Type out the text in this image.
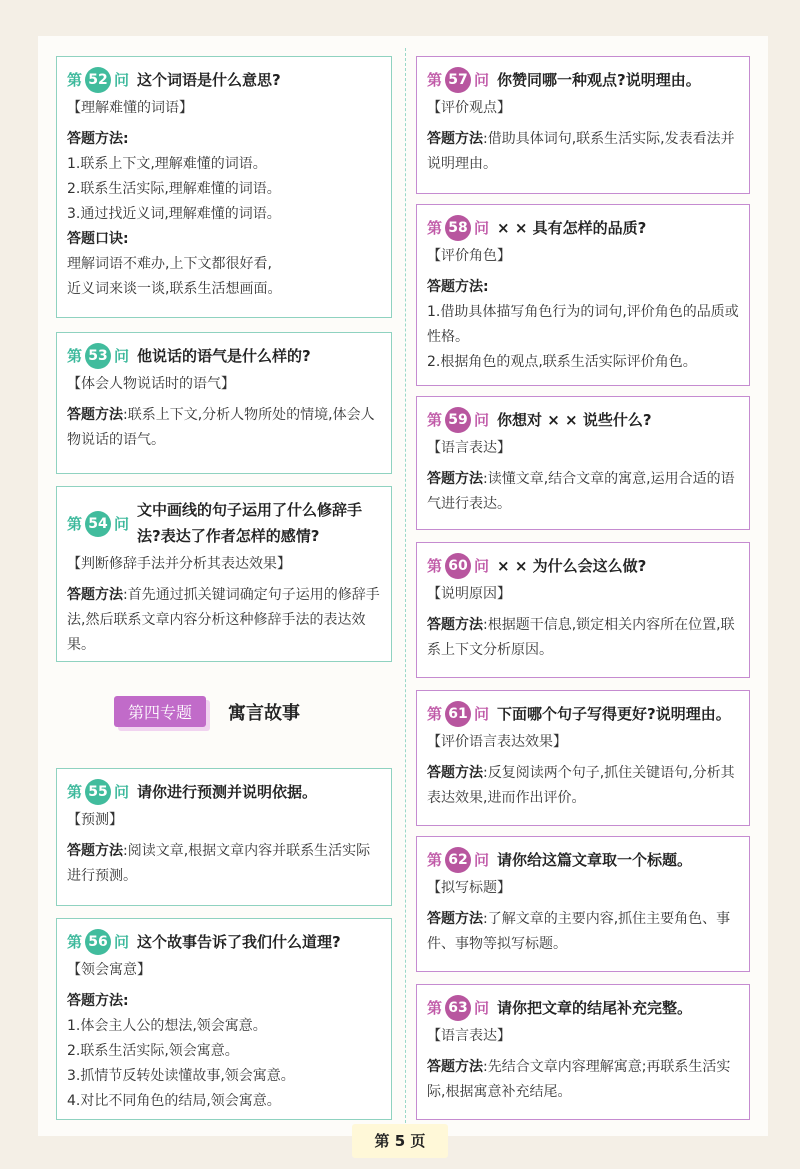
第 52 问 这个词语是什么意思?
【理解难懂的词语】
答题方法:
1.联系上下文,理解难懂的词语。
2.联系生活实际,理解难懂的词语。
3.通过找近义词,理解难懂的词语。
答题口诀:
理解词语不难办,上下文都很好看,
近义词来谈一谈,联系生活想画面。
第 53 问 他说话的语气是什么样的?
【体会人物说话时的语气】
答题方法:联系上下文,分析人物所处的情境,体会人物说话的语气。
第 54 问
文中画线的句子运用了什么修辞手法?表达了作者怎样的感情?
【判断修辞手法并分析其表达效果】
答题方法:首先通过抓关键词确定句子运用的修辞手法,然后联系文章内容分析这种修辞手法的表达效果。
第 55 问 请你进行预测并说明依据。
【预测】
答题方法:阅读文章,根据文章内容并联系生活实际进行预测。
第 56 问 这个故事告诉了我们什么道理?
【领会寓意】
答题方法:
1.体会主人公的想法,领会寓意。
2.联系生活实际,领会寓意。
3.抓情节反转处读懂故事,领会寓意。
4.对比不同角色的结局,领会寓意。
第四专题	寓言故事
第 57 问 你赞同哪一种观点?说明理由。
【评价观点】
答题方法:借助具体词句,联系生活实际,发表看法并说明理由。
第 58 问 × × 具有怎样的品质?
【评价角色】
答题方法:
1.借助具体描写角色行为的词句,评价角色的品质或性格。
2.根据角色的观点,联系生活实际评价角色。
第 59 问 你想对 × × 说些什么?
【语言表达】
答题方法:读懂文章,结合文章的寓意,运用合适的语气进行表达。
第 60 问 × × 为什么会这么做?
【说明原因】
答题方法:根据题干信息,锁定相关内容所在位置,联系上下文分析原因。
第 61 问 下面哪个句子写得更好?说明理由。
【评价语言表达效果】
答题方法:反复阅读两个句子,抓住关键语句,分析其表达效果,进而作出评价。
第 62 问 请你给这篇文章取一个标题。
【拟写标题】
答题方法:了解文章的主要内容,抓住主要角色、事件、事物等拟写标题。
第 63 问 请你把文章的结尾补充完整。
【语言表达】
答题方法:先结合文章内容理解寓意;再联系生活实际,根据寓意补充结尾。
第 5 页
